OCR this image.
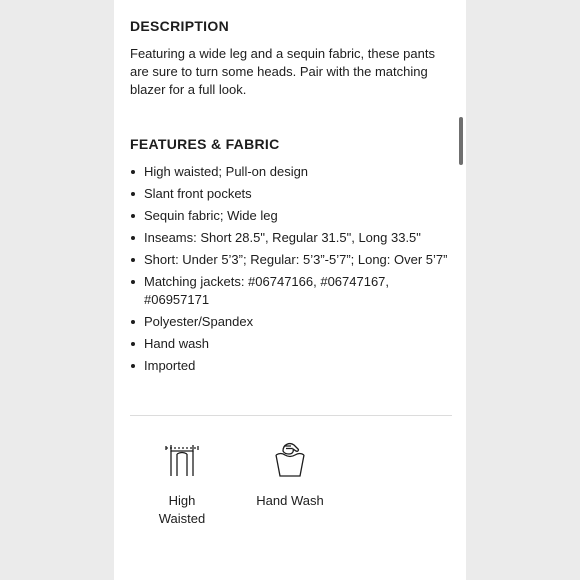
DESCRIPTION

Featuring a wide leg and a sequin fabric, these pants are sure to turn some heads. Pair with the matching blazer for a full look.

FEATURES & FABRIC
High waisted; Pull-on design
Slant front pockets
Sequin fabric; Wide leg
Inseams: Short 28.5", Regular 31.5", Long 33.5"
Short: Under 5’3”; Regular: 5’3”-5’7”; Long: Over 5’7”
Matching jackets: #06747166, #06747167, #06957171
Polyester/Spandex
Hand wash
Imported
High Waisted
Hand Wash
